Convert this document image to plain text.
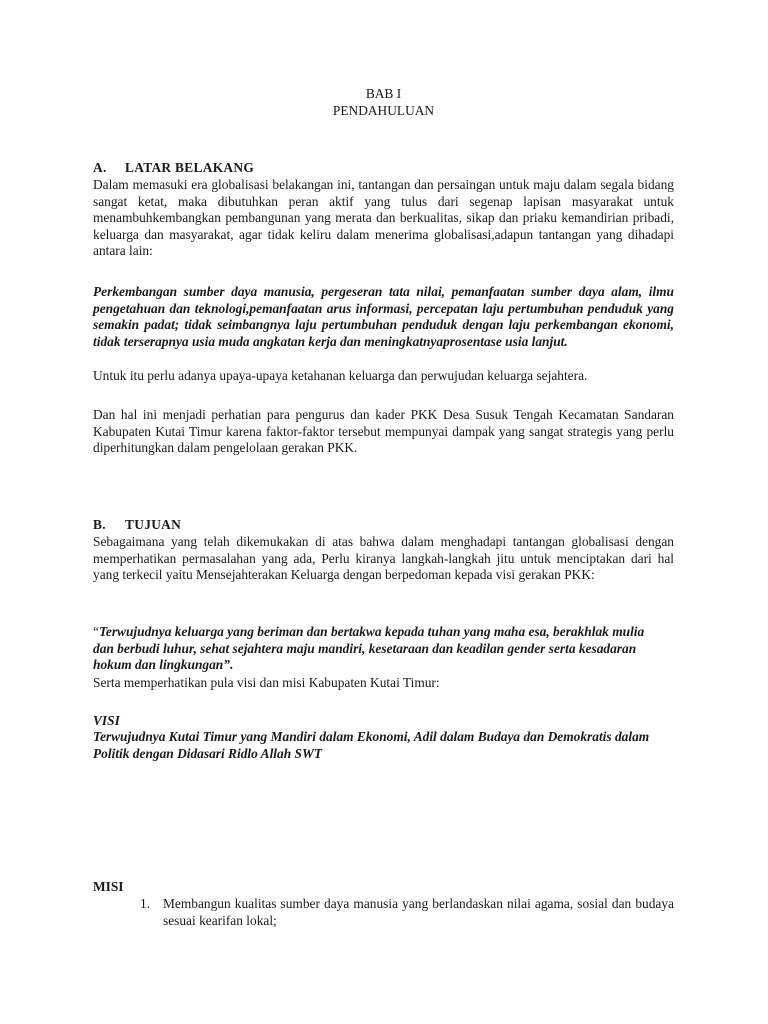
BAB I
PENDAHULUAN
A. LATAR BELAKANG

Dalam memasuki era globalisasi belakangan ini, tantangan dan persaingan untuk maju dalam segala bidang sangat ketat, maka dibutuhkan peran aktif yang tulus dari segenap lapisan masyarakat untuk menambuhkembangkan pembangunan yang merata dan berkualitas, sikap dan priaku kemandirian pribadi, keluarga dan masyarakat, agar tidak keliru dalam menerima globalisasi,adapun tantangan yang dihadapi antara lain:

Perkembangan sumber daya manusia, pergeseran tata nilai, pemanfaatan sumber daya alam, ilmu pengetahuan dan teknologi,pemanfaatan arus informasi, percepatan laju pertumbuhan penduduk yang semakin padat; tidak seimbangnya laju pertumbuhan penduduk dengan laju perkembangan ekonomi, tidak terserapnya usia muda angkatan kerja dan meningkatnyaprosentase usia lanjut.

Untuk itu perlu adanya upaya-upaya ketahanan keluarga dan perwujudan keluarga sejahtera.

Dan hal ini menjadi perhatian para pengurus dan kader PKK Desa Susuk Tengah Kecamatan Sandaran Kabupaten Kutai Timur karena faktor-faktor tersebut mempunyai dampak yang sangat strategis yang perlu diperhitungkan dalam pengelolaan gerakan PKK.

B. TUJUAN

Sebagaimana yang telah dikemukakan di atas bahwa dalam menghadapi tantangan globalisasi dengan memperhatikan permasalahan yang ada, Perlu kiranya langkah-langkah jitu untuk menciptakan dari hal yang terkecil yaitu Mensejahterakan Keluarga dengan berpedoman kepada visi gerakan PKK:

“Terwujudnya keluarga yang beriman dan bertakwa kepada tuhan yang maha esa, berakhlak mulia dan berbudi luhur, sehat sejahtera maju mandiri, kesetaraan dan keadilan gender serta kesadaran hokum dan lingkungan”.

Serta memperhatikan pula visi dan misi Kabupaten Kutai Timur:

VISI

Terwujudnya Kutai Timur yang Mandiri dalam Ekonomi, Adil dalam Budaya dan Demokratis dalam Politik dengan Didasari Ridlo Allah SWT

MISI
1. Membangun kualitas sumber daya manusia yang berlandaskan nilai agama, sosial dan budaya sesuai kearifan lokal;
